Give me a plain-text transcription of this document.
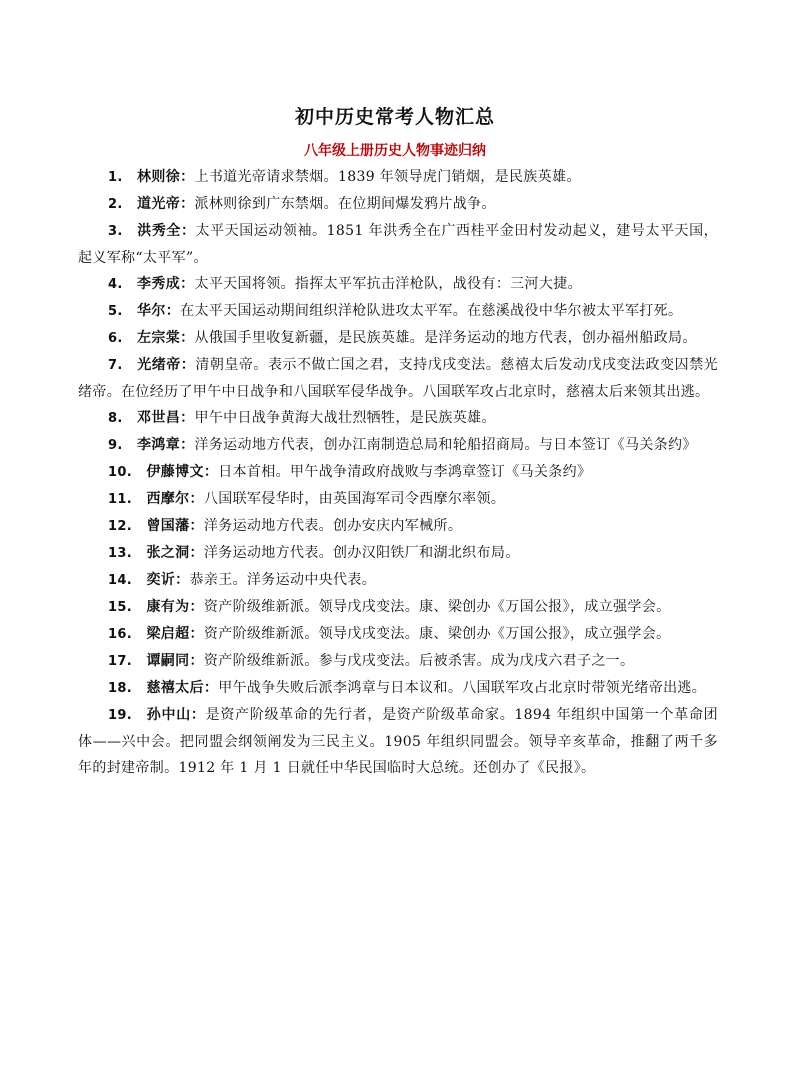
初中历史常考人物汇总
八年级上册历史人物事迹归纳
1.  林则徐：上书道光帝请求禁烟。1839 年领导虎门销烟，是民族英雄。
2.  道光帝：派林则徐到广东禁烟。在位期间爆发鸦片战争。
3.  洪秀全：太平天国运动领袖。1851 年洪秀全在广西桂平金田村发动起义，建号太平天国，起义军称“太平军”。
4.  李秀成：太平天国将领。指挥太平军抗击洋枪队，战役有：三河大捷。
5.  华尔：在太平天国运动期间组织洋枪队进攻太平军。在慈溪战役中华尔被太平军打死。
6.  左宗棠：从俄国手里收复新疆，是民族英雄。是洋务运动的地方代表，创办福州船政局。
7.  光绪帝：清朝皇帝。表示不做亡国之君，支持戊戌变法。慈禧太后发动戊戌变法政变囚禁光绪帝。在位经历了甲午中日战争和八国联军侵华战争。八国联军攻占北京时，慈禧太后来领其出逃。
8.  邓世昌：甲午中日战争黄海大战壮烈牺牲，是民族英雄。
9.  李鸿章：洋务运动地方代表，创办江南制造总局和轮船招商局。与日本签订《马关条约》
10.  伊藤博文：日本首相。甲午战争清政府战败与李鸿章签订《马关条约》
11.  西摩尔：八国联军侵华时，由英国海军司令西摩尔率领。
12.  曾国藩：洋务运动地方代表。创办安庆内军械所。
13.  张之洞：洋务运动地方代表。创办汉阳铁厂和湖北织布局。
14.  奕䜣：恭亲王。洋务运动中央代表。
15.  康有为：资产阶级维新派。领导戊戌变法。康、梁创办《万国公报》，成立强学会。
16.  梁启超：资产阶级维新派。领导戊戌变法。康、梁创办《万国公报》，成立强学会。
17.  谭嗣同：资产阶级维新派。参与戊戌变法。后被杀害。成为戊戌六君子之一。
18.  慈禧太后：甲午战争失败后派李鸿章与日本议和。八国联军攻占北京时带领光绪帝出逃。
19.  孙中山：是资产阶级革命的先行者，是资产阶级革命家。1894 年组织中国第一个革命团体——兴中会。把同盟会纲领阐发为三民主义。1905 年组织同盟会。领导辛亥革命，推翻了两千多年的封建帝制。1912 年 1 月 1 日就任中华民国临时大总统。还创办了《民报》。
